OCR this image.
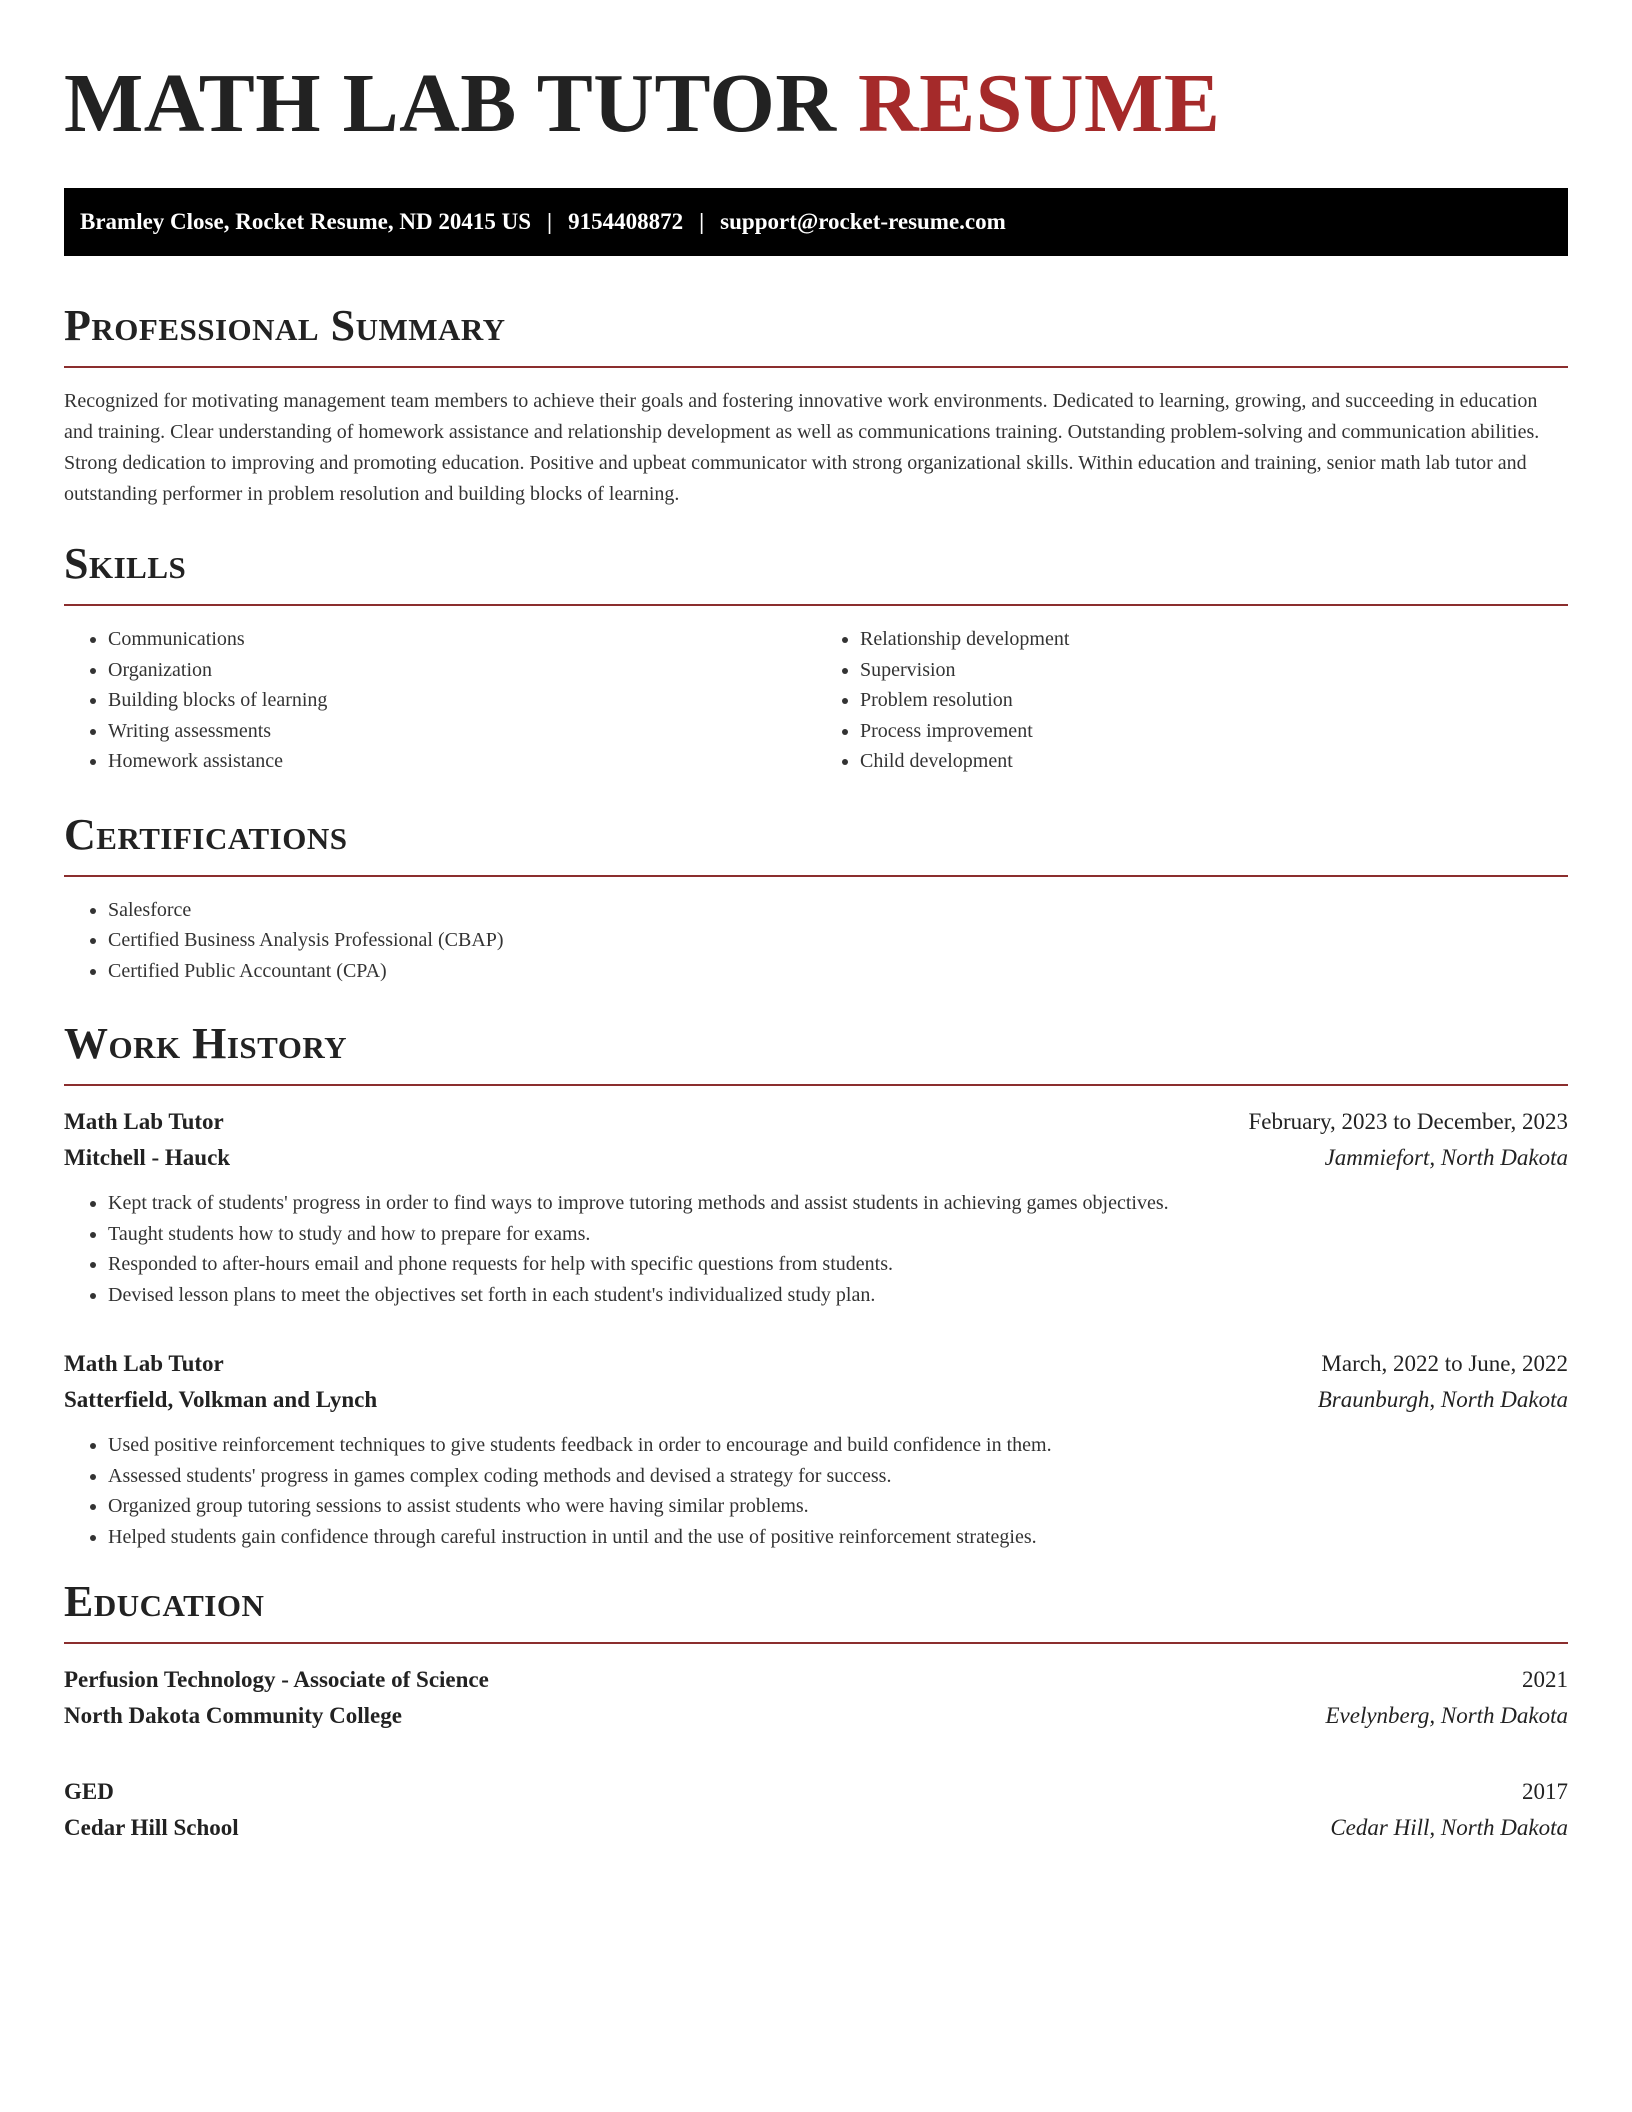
MATH LAB TUTOR RESUME
Bramley Close, Rocket Resume, ND 20415 US | 9154408872 | support@rocket-resume.com
Professional Summary

Recognized for motivating management team members to achieve their goals and fostering innovative work environments. Dedicated to learning, growing, and succeeding in education and training. Clear understanding of homework assistance and relationship development as well as communications training. Outstanding problem-solving and communication abilities. Strong dedication to improving and promoting education. Positive and upbeat communicator with strong organizational skills. Within education and training, senior math lab tutor and outstanding performer in problem resolution and building blocks of learning.

Skills
• Communications
• Organization
• Building blocks of learning
• Writing assessments
• Homework assistance
• Relationship development
• Supervision
• Problem resolution
• Process improvement
• Child development
Certifications
• Salesforce
• Certified Business Analysis Professional (CBAP)
• Certified Public Accountant (CPA)
Work History
Math Lab Tutor	February, 2023 to December, 2023
Mitchell - Hauck	Jammiefort, North Dakota
• Kept track of students' progress in order to find ways to improve tutoring methods and assist students in achieving games objectives.
• Taught students how to study and how to prepare for exams.
• Responded to after-hours email and phone requests for help with specific questions from students.
• Devised lesson plans to meet the objectives set forth in each student's individualized study plan.
Math Lab Tutor	March, 2022 to June, 2022
Satterfield, Volkman and Lynch	Braunburgh, North Dakota
• Used positive reinforcement techniques to give students feedback in order to encourage and build confidence in them.
• Assessed students' progress in games complex coding methods and devised a strategy for success.
• Organized group tutoring sessions to assist students who were having similar problems.
• Helped students gain confidence through careful instruction in until and the use of positive reinforcement strategies.
Education
Perfusion Technology - Associate of Science	2021
North Dakota Community College	Evelynberg, North Dakota
GED	2017
Cedar Hill School	Cedar Hill, North Dakota
